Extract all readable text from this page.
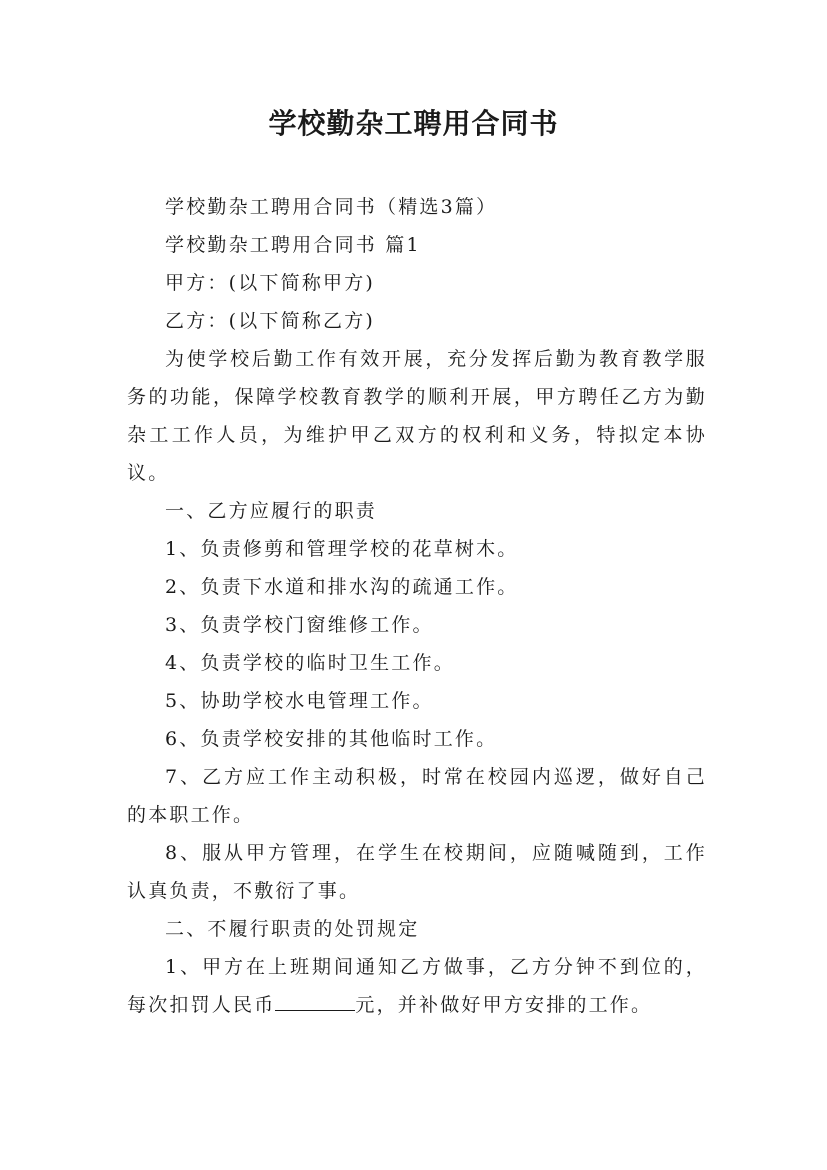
学校勤杂工聘用合同书

学校勤杂工聘用合同书（精选3篇）

学校勤杂工聘用合同书 篇1

甲方：(以下简称甲方)

乙方：(以下简称乙方)

为使学校后勤工作有效开展，充分发挥后勤为教育教学服务的功能，保障学校教育教学的顺利开展，甲方聘任乙方为勤杂工工作人员，为维护甲乙双方的权利和义务，特拟定本协议。

一、乙方应履行的职责

1、负责修剪和管理学校的花草树木。

2、负责下水道和排水沟的疏通工作。

3、负责学校门窗维修工作。

4、负责学校的临时卫生工作。

5、协助学校水电管理工作。

6、负责学校安排的其他临时工作。

7、乙方应工作主动积极，时常在校园内巡逻，做好自己的本职工作。

8、服从甲方管理，在学生在校期间，应随喊随到，工作认真负责，不敷衍了事。

二、不履行职责的处罚规定

1、甲方在上班期间通知乙方做事，乙方分钟不到位的，每次扣罚人民币	元，并补做好甲方安排的工作。
